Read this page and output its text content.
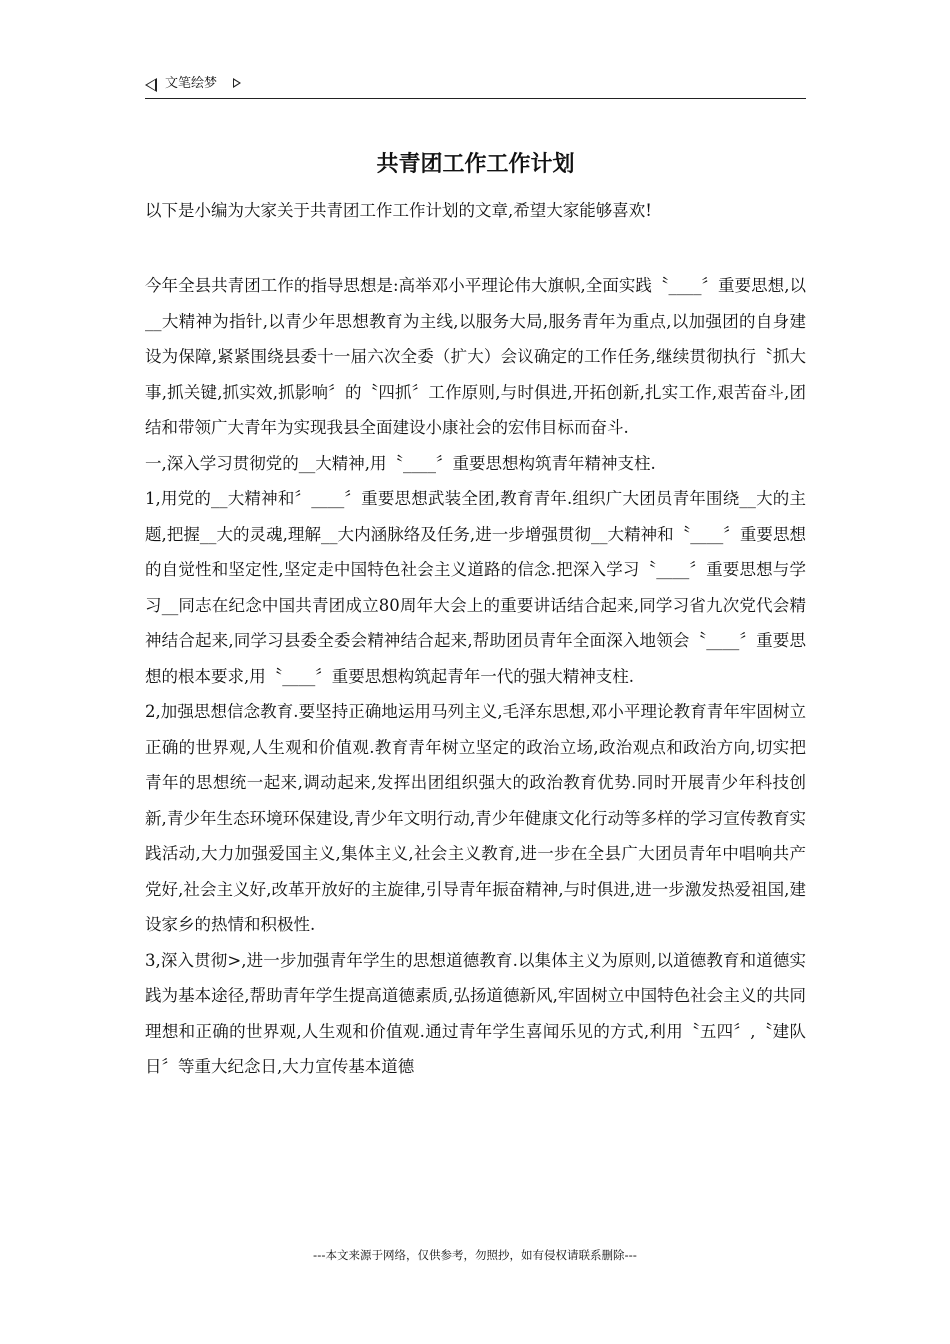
文笔绘梦
共青团工作工作计划

以下是小编为大家关于共青团工作工作计划的文章,希望大家能够喜欢!

今年全县共青团工作的指导思想是:高举邓小平理论伟大旗帜,全面实践〝____〞重要思想,以__大精神为指针,以青少年思想教育为主线,以服务大局,服务青年为重点,以加强团的自身建设为保障,紧紧围绕县委十一届六次全委（扩大）会议确定的工作任务,继续贯彻执行〝抓大事,抓关键,抓实效,抓影响〞的〝四抓〞工作原则,与时俱进,开拓创新,扎实工作,艰苦奋斗,团结和带领广大青年为实现我县全面建设小康社会的宏伟目标而奋斗.

一,深入学习贯彻党的__大精神,用〝____〞重要思想构筑青年精神支柱.

1,用党的__大精神和〞____〞重要思想武装全团,教育青年.组织广大团员青年围绕__大的主题,把握__大的灵魂,理解__大内涵脉络及任务,进一步增强贯彻__大精神和〝____〞重要思想的自觉性和坚定性,坚定走中国特色社会主义道路的信念.把深入学习〝____〞重要思想与学习__同志在纪念中国共青团成立80周年大会上的重要讲话结合起来,同学习省九次党代会精神结合起来,同学习县委全委会精神结合起来,帮助团员青年全面深入地领会〝____〞重要思想的根本要求,用〝____〞重要思想构筑起青年一代的强大精神支柱.

2,加强思想信念教育.要坚持正确地运用马列主义,毛泽东思想,邓小平理论教育青年牢固树立正确的世界观,人生观和价值观.教育青年树立坚定的政治立场,政治观点和政治方向,切实把青年的思想统一起来,调动起来,发挥出团组织强大的政治教育优势.同时开展青少年科技创新,青少年生态环境环保建设,青少年文明行动,青少年健康文化行动等多样的学习宣传教育实践活动,大力加强爱国主义,集体主义,社会主义教育,进一步在全县广大团员青年中唱响共产党好,社会主义好,改革开放好的主旋律,引导青年振奋精神,与时俱进,进一步激发热爱祖国,建设家乡的热情和积极性.

3,深入贯彻>,进一步加强青年学生的思想道德教育.以集体主义为原则,以道德教育和道德实践为基本途径,帮助青年学生提高道德素质,弘扬道德新风,牢固树立中国特色社会主义的共同理想和正确的世界观,人生观和价值观.通过青年学生喜闻乐见的方式,利用〝五四〞,〝建队日〞等重大纪念日,大力宣传基本道德

---本文来源于网络，仅供参考，勿照抄，如有侵权请联系删除---
